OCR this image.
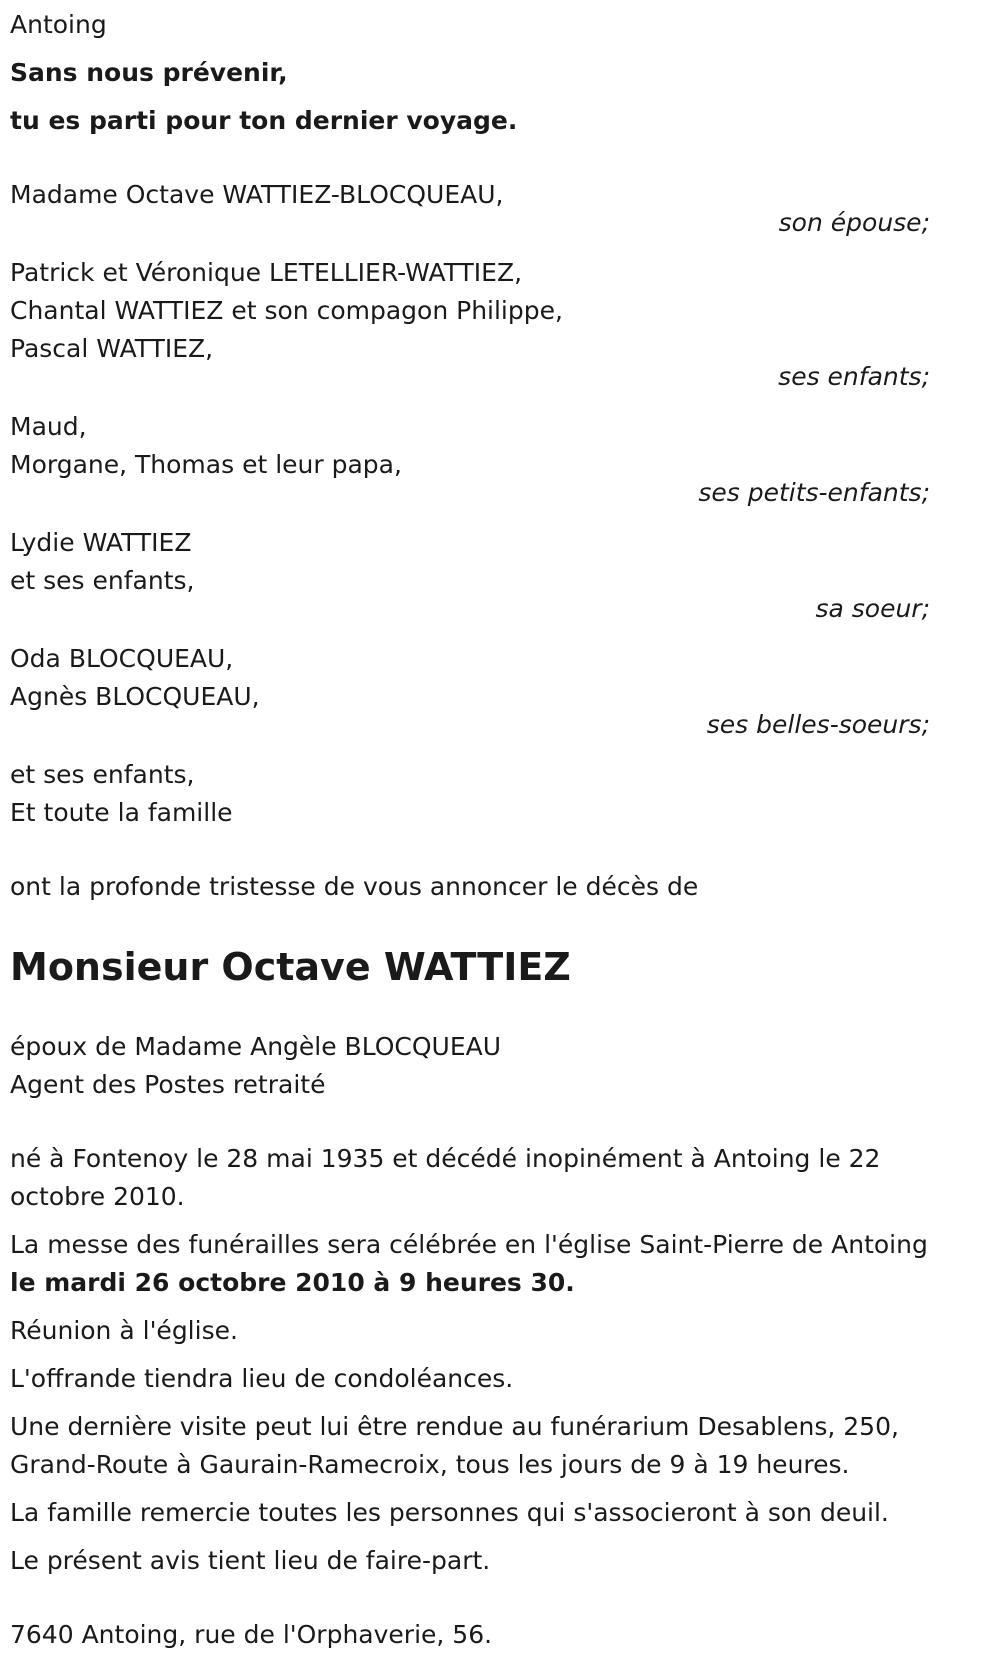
Antoing

Sans nous prévenir,

tu es parti pour ton dernier voyage.

Madame Octave WATTIEZ-BLOCQUEAU,

son épouse;

Patrick et Véronique LETELLIER-WATTIEZ,

Chantal WATTIEZ et son compagon Philippe,

Pascal WATTIEZ,

ses enfants;

Maud,

Morgane, Thomas et leur papa,

ses petits-enfants;

Lydie WATTIEZ

et ses enfants,

sa soeur;

Oda BLOCQUEAU,

Agnès BLOCQUEAU,

ses belles-soeurs;

et ses enfants,

Et toute la famille

ont la profonde tristesse de vous annoncer le décès de

Monsieur Octave WATTIEZ

époux de Madame Angèle BLOCQUEAU

Agent des Postes retraité

né à Fontenoy le 28 mai 1935 et décédé inopinément à Antoing le 22 octobre 2010.

La messe des funérailles sera célébrée en l'église Saint-Pierre de Antoing

le mardi 26 octobre 2010 à 9 heures 30.

Réunion à l'église.

L'offrande tiendra lieu de condoléances.

Une dernière visite peut lui être rendue au funérarium Desablens, 250, Grand-Route à Gaurain-Ramecroix, tous les jours de 9 à 19 heures.

La famille remercie toutes les personnes qui s'associeront à son deuil.

Le présent avis tient lieu de faire-part.

7640 Antoing, rue de l'Orphaverie, 56.
